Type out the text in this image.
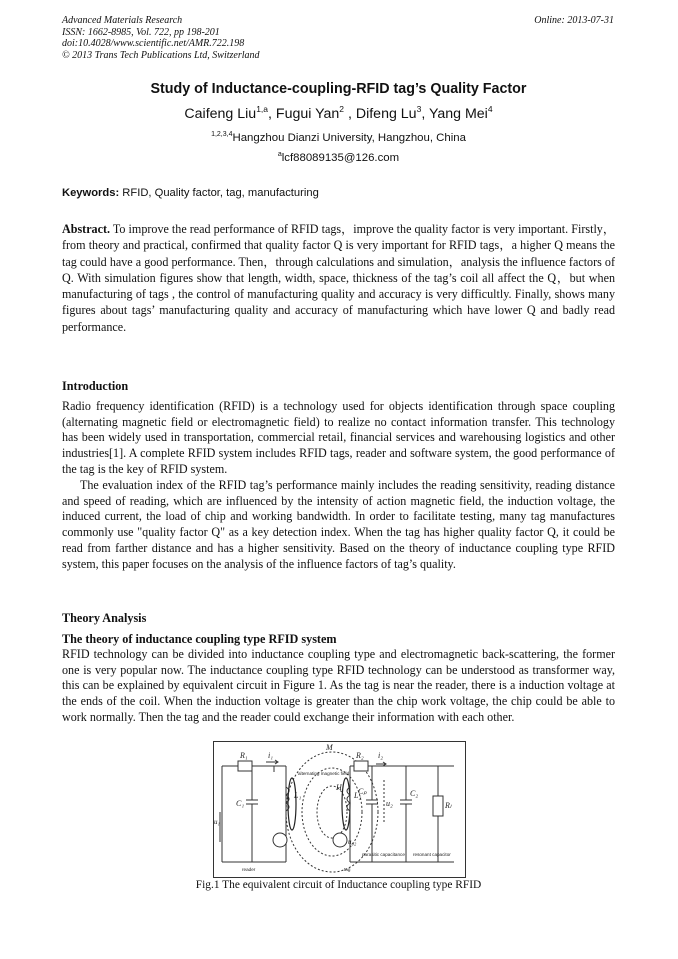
Advanced Materials Research
ISSN: 1662-8985, Vol. 722, pp 198-201
doi:10.4028/www.scientific.net/AMR.722.198
© 2013 Trans Tech Publications Ltd, Switzerland
Online: 2013-07-31
Study of Inductance-coupling-RFID tag’s Quality Factor
Caifeng Liu$^{1,a}$, Fugui Yan$^2$ , Difeng Lu$^3$, Yang Mei$^4$
$^{1,2,3,4}$Hangzhou Dianzi University, Hangzhou, China
$^a$lcf88089135@126.com
Keywords: RFID, Quality factor, tag, manufacturing
Abstract. To improve the read performance of RFID tags，improve the quality factor is very important. Firstly，from theory and practical, confirmed that quality factor Q is very important for RFID tags，a higher Q means the tag could have a good performance. Then，through calculations and simulation，analysis the influence factors of Q. With simulation figures show that length, width, space, thickness of the tag’s coil all affect the Q，but when manufacturing of tags , the control of manufacturing quality and accuracy is very difficultly. Finally, shows many figures about tags’ manufacturing quality and accuracy of manufacturing which have lower Q and badly read performance.
Introduction
Radio frequency identification (RFID) is a technology used for objects identification through space coupling (alternating magnetic field or electromagnetic field) to realize no contact information transfer. This technology has been widely used in transportation, commercial retail, financial services and warehousing logistics and other industries[1]. A complete RFID system includes RFID tags, reader and software system, the good performance of the tag is the key of RFID system.
The evaluation index of the RFID tag’s performance mainly includes the reading sensitivity, reading distance and speed of reading, which are influenced by the intensity of action magnetic field, the induction voltage, the induced current, the load of chip and working bandwidth. In order to facilitate testing, many tag manufactures commonly use "quality factor Q" as a key detection index. When the tag has higher quality factor Q, it could be read from farther distance and has a higher sensitivity. Based on the theory of inductance coupling type RFID system, this paper focuses on the analysis of the influence factors of tag’s quality.
Theory Analysis
The theory of inductance coupling type RFID system
RFID technology can be divided into inductance coupling type and electromagnetic back-scattering, the former one is very popular now. The inductance coupling type RFID technology can be understood as transformer way, this can be explained by equivalent circuit in Figure 1. As the tag is near the reader, there is a induction voltage at the ends of the coil. When the induction voltage is greater than the chip work voltage, the chip could be able to work normally. Then the tag and the reader could exchange their information with each other.
R₁	i₁
C₁
L₁
u₁
M
H
R₂ i₂
L₂
Cₚ
u₂
C₂
Rₗ
u₀₂
alternating magnetic field
reader	tag
parasitic capacitance resonant capacitor
Fig.1 The equivalent circuit of Inductance coupling type RFID
